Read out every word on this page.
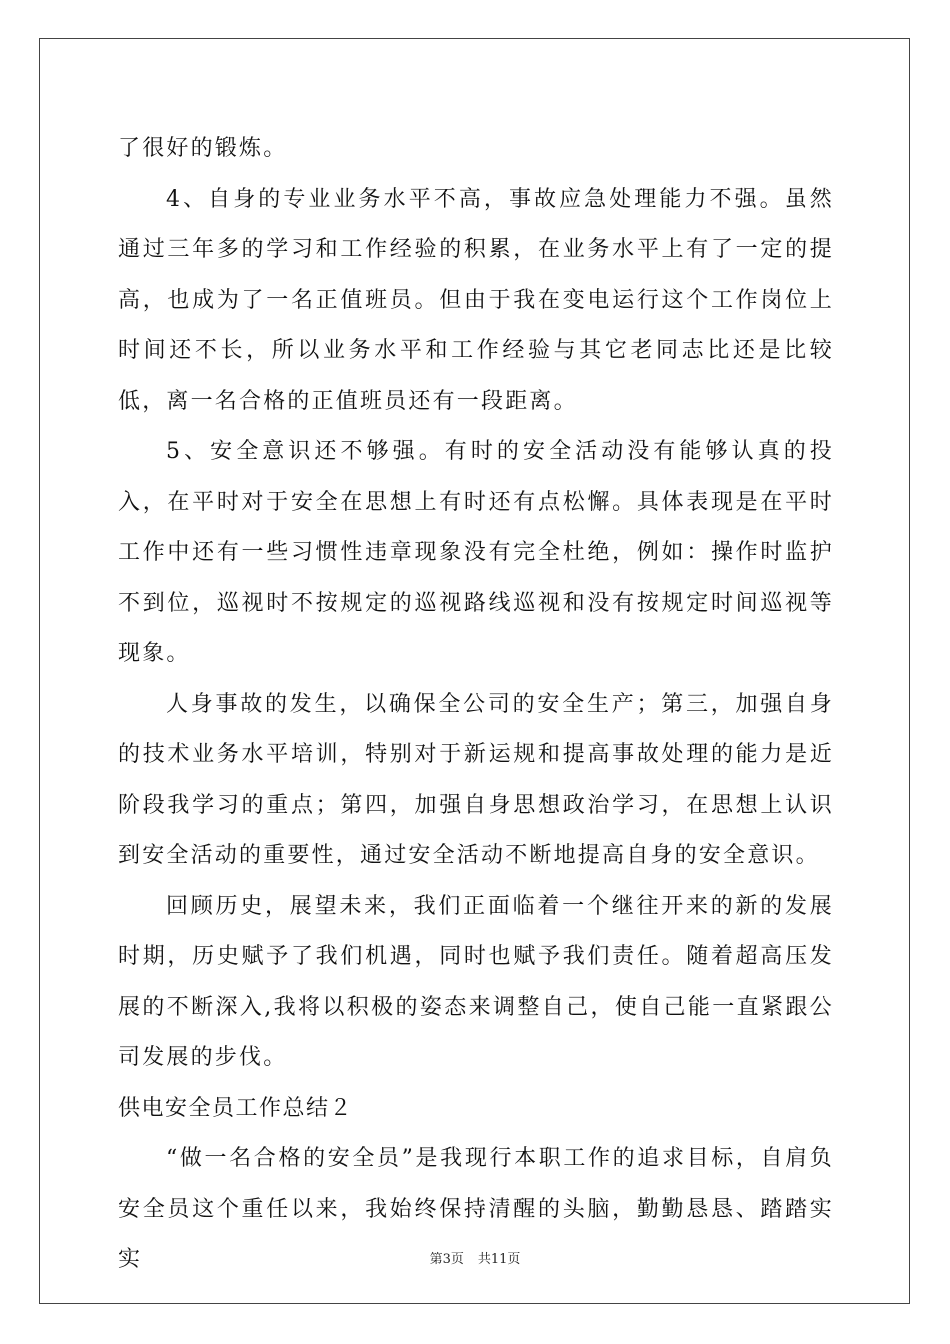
了很好的锻炼。

4、自身的专业业务水平不高，事故应急处理能力不强。虽然通过三年多的学习和工作经验的积累，在业务水平上有了一定的提高，也成为了一名正值班员。但由于我在变电运行这个工作岗位上时间还不长，所以业务水平和工作经验与其它老同志比还是比较低，离一名合格的正值班员还有一段距离。

5、安全意识还不够强。有时的安全活动没有能够认真的投入，在平时对于安全在思想上有时还有点松懈。具体表现是在平时工作中还有一些习惯性违章现象没有完全杜绝，例如：操作时监护不到位，巡视时不按规定的巡视路线巡视和没有按规定时间巡视等现象。

人身事故的发生，以确保全公司的安全生产；第三，加强自身的技术业务水平培训，特别对于新运规和提高事故处理的能力是近阶段我学习的重点；第四，加强自身思想政治学习，在思想上认识到安全活动的重要性，通过安全活动不断地提高自身的安全意识。

回顾历史，展望未来，我们正面临着一个继往开来的新的发展时期，历史赋予了我们机遇，同时也赋予我们责任。随着超高压发展的不断深入,我将以积极的姿态来调整自己，使自己能一直紧跟公司发展的步伐。

供电安全员工作总结２

“做一名合格的安全员”是我现行本职工作的追求目标，自肩负安全员这个重任以来，我始终保持清醒的头脑，勤勤恳恳、踏踏实实	第3页 共11页
